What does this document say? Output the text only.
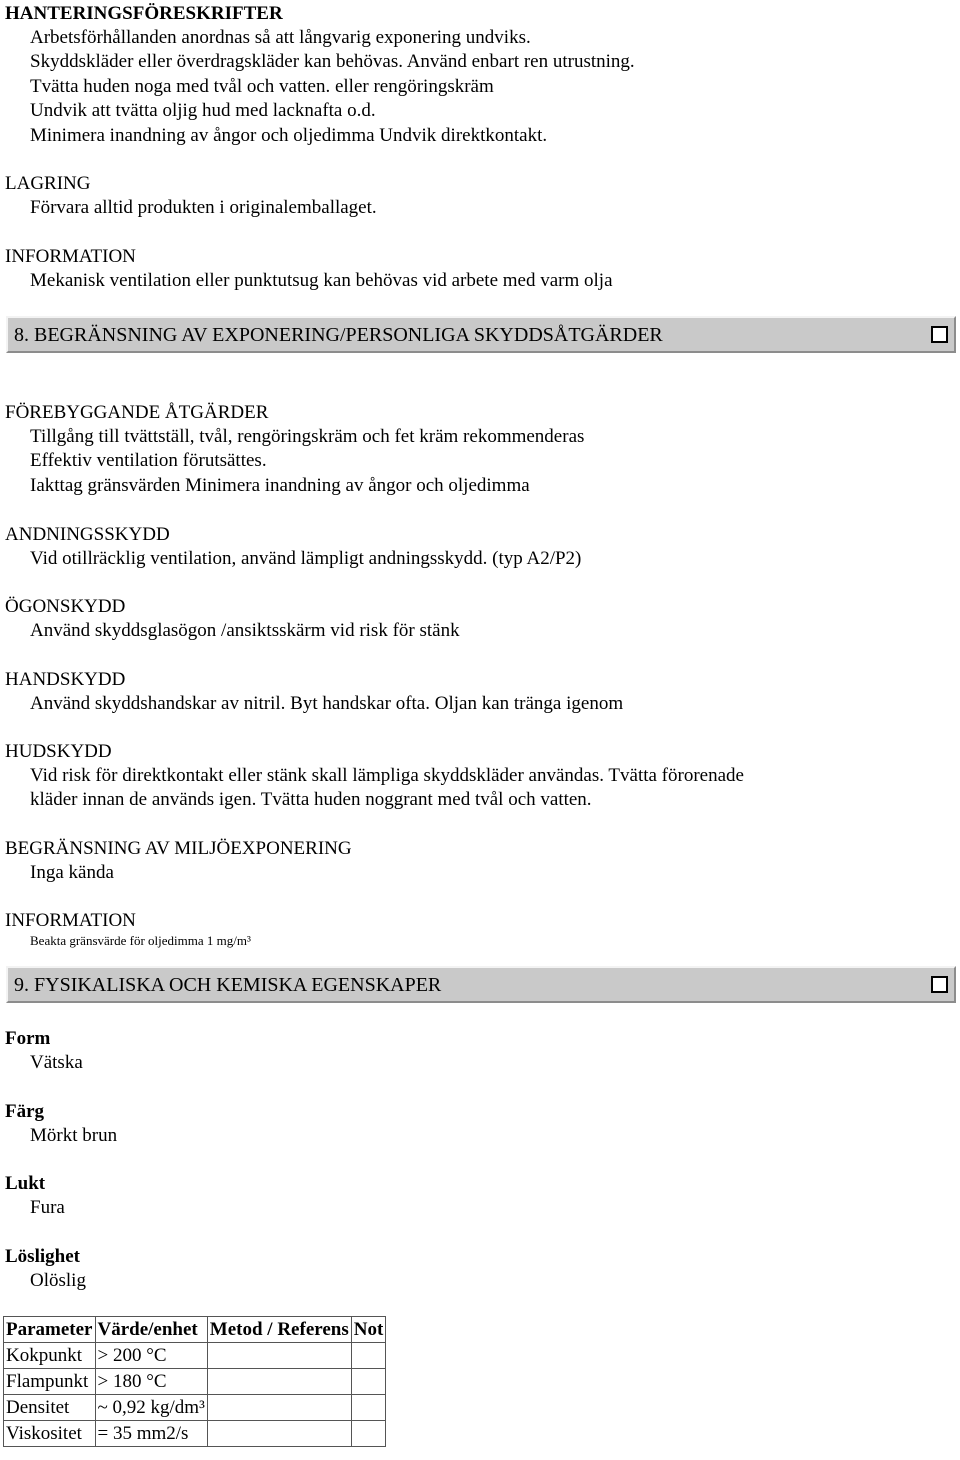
HANTERINGSFÖRESKRIFTER
Arbetsförhållanden anordnas så att långvarig exponering undviks.
Skyddskläder eller överdragskläder kan behövas. Använd enbart ren utrustning.
Tvätta huden noga med tvål och vatten. eller rengöringskräm
Undvik att tvätta oljig hud med lacknafta o.d.
Minimera inandning av ångor och oljedimma Undvik direktkontakt.
LAGRING
Förvara alltid produkten i originalemballaget.
INFORMATION
Mekanisk ventilation eller punktutsug kan behövas vid arbete med varm olja
8. BEGRÄNSNING AV EXPONERING/PERSONLIGA SKYDDSÅTGÄRDER
FÖREBYGGANDE ÅTGÄRDER
Tillgång till tvättställ, tvål, rengöringskräm och fet kräm rekommenderas
Effektiv ventilation förutsättes.
Iakttag gränsvärden Minimera inandning av ångor och oljedimma
ANDNINGSSKYDD
Vid otillräcklig ventilation, använd lämpligt andningsskydd. (typ A2/P2)
ÖGONSKYDD
Använd skyddsglasögon /ansiktsskärm vid risk för stänk
HANDSKYDD
Använd skyddshandskar av nitril. Byt handskar ofta. Oljan kan tränga igenom
HUDSKYDD
Vid risk för direktkontakt eller stänk skall lämpliga skyddskläder användas. Tvätta förorenade
kläder innan de används igen. Tvätta huden noggrant med tvål och vatten.
BEGRÄNSNING AV MILJÖEXPONERING
Inga kända
INFORMATION
Beakta gränsvärde för oljedimma 1 mg/m³
9. FYSIKALISKA OCH KEMISKA EGENSKAPER
Form
Vätska
Färg
Mörkt brun
Lukt
Fura
Löslighet
Olöslig
Parameter	Värde/enhet	Metod / Referens	Not
Kokpunkt	> 200 °C		
Flampunkt	> 180 °C		
Densitet	~ 0,92 kg/dm³		
Viskositet	= 35 mm2/s		
